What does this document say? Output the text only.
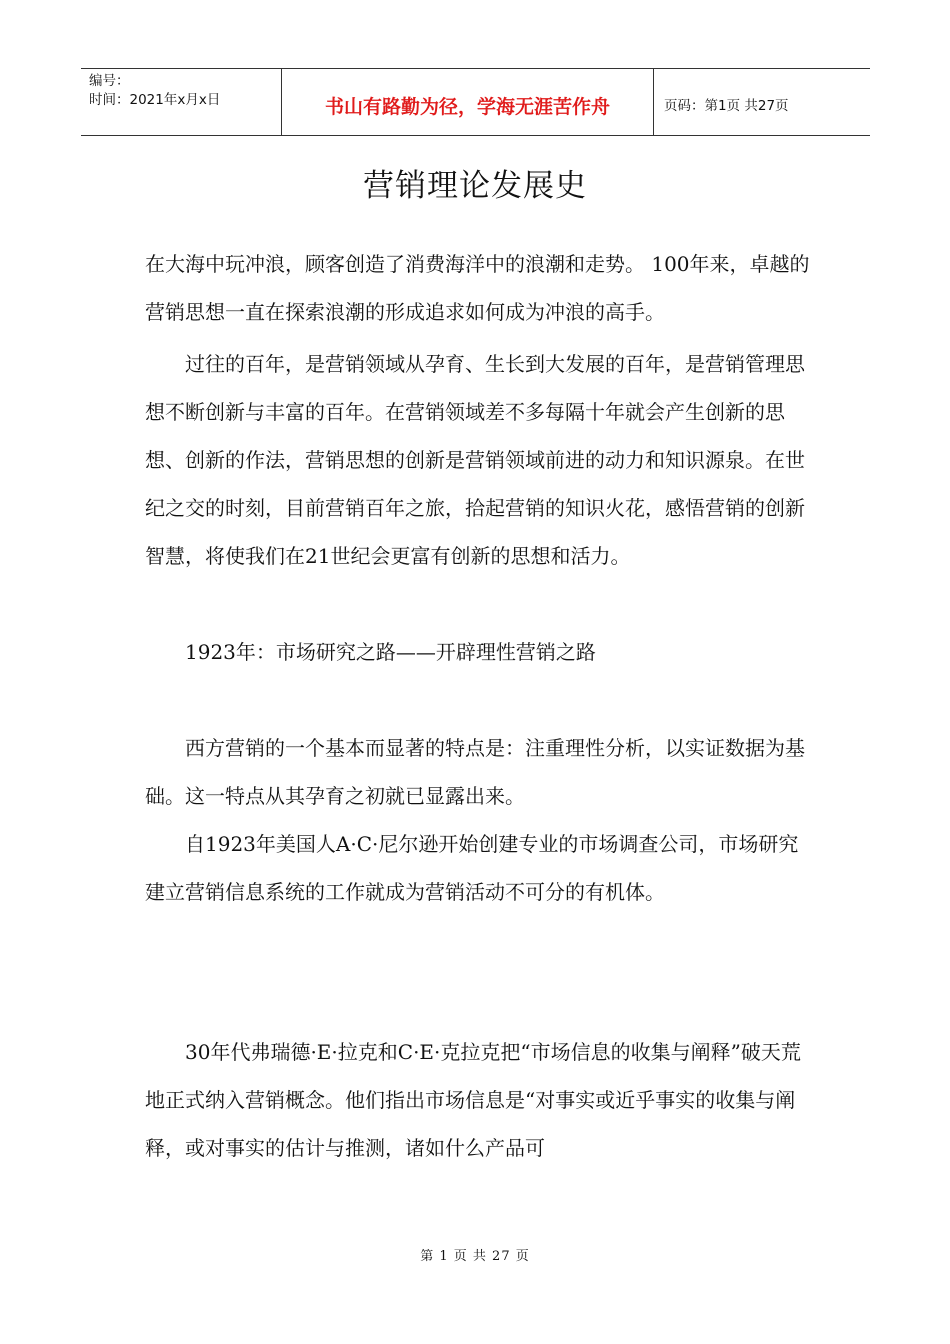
编号：
时间：2021年x月x日	书山有路勤为径，学海无涯苦作舟	页码：第1页 共27页
营销理论发展史

在大海中玩冲浪，顾客创造了消费海洋中的浪潮和走势。 100年来，卓越的营销思想一直在探索浪潮的形成追求如何成为冲浪的高手。

过往的百年，是营销领域从孕育、生长到大发展的百年，是营销管理思想不断创新与丰富的百年。在营销领域差不多每隔十年就会产生创新的思想、创新的作法，营销思想的创新是营销领域前进的动力和知识源泉。在世纪之交的时刻，目前营销百年之旅，拾起营销的知识火花，感悟营销的创新智慧，将使我们在21世纪会更富有创新的思想和活力。

1923年：市场研究之路——开辟理性营销之路

西方营销的一个基本而显著的特点是：注重理性分析，以实证数据为基础。这一特点从其孕育之初就已显露出来。

自1923年美国人A·C·尼尔逊开始创建专业的市场调查公司，市场研究建立营销信息系统的工作就成为营销活动不可分的有机体。

30年代弗瑞德·E·拉克和C·E·克拉克把“市场信息的收集与阐释”破天荒地正式纳入营销概念。他们指出市场信息是“对事实或近乎事实的收集与阐释，或对事实的估计与推测，诸如什么产品可

第 1 页 共 27 页
